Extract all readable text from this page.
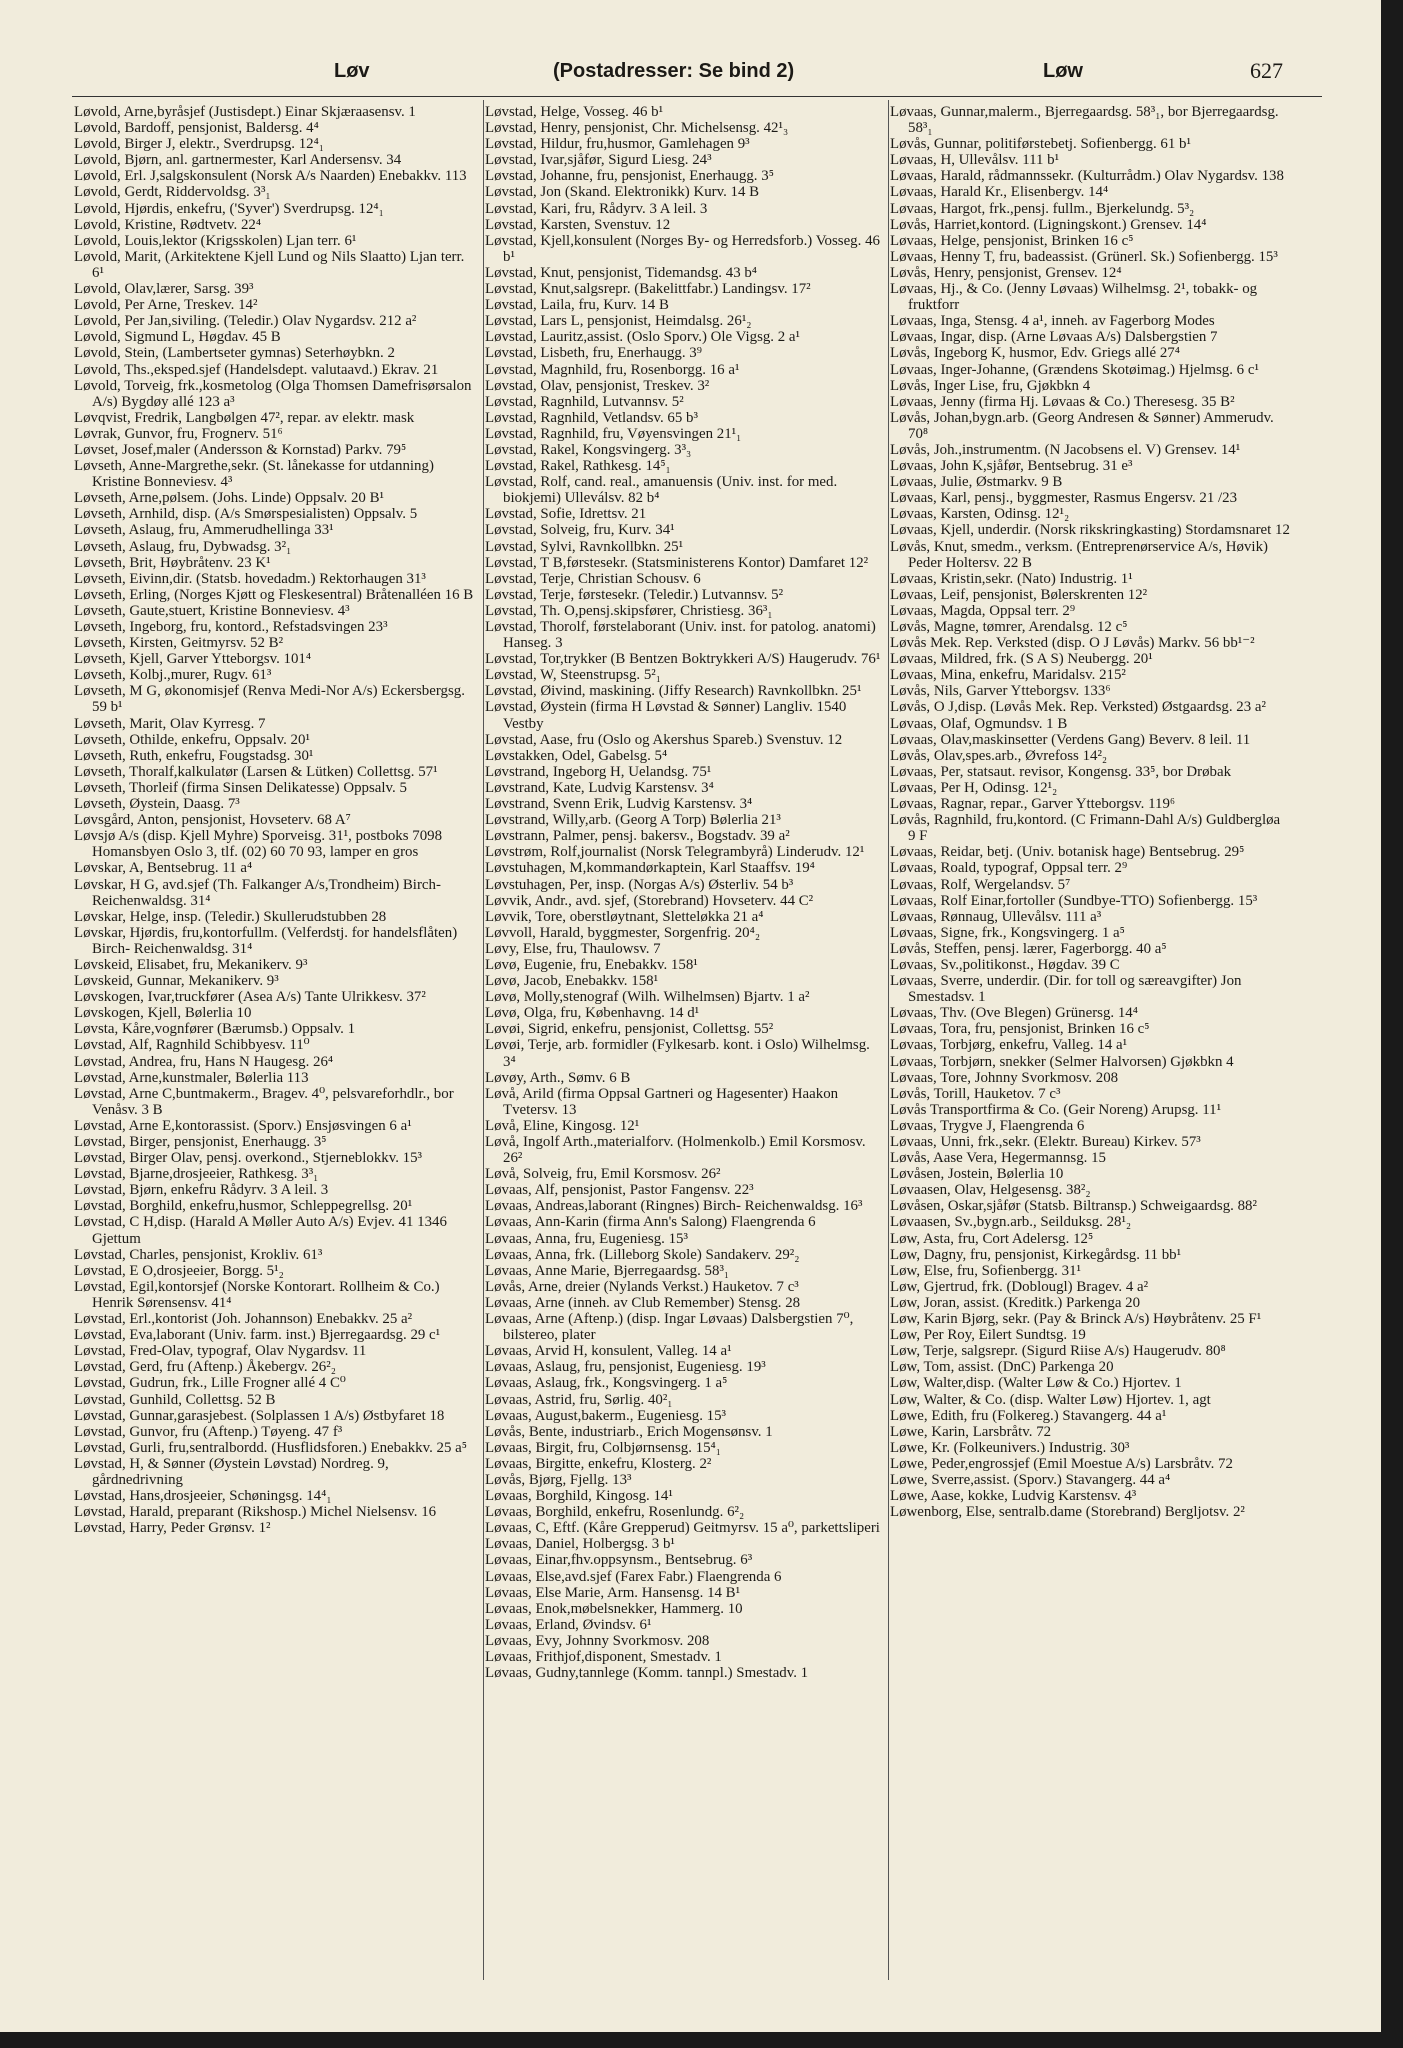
Løv	(Postadresser: Se bind 2)	Løw	627

Løvold, Arne,byråsjef (Justisdept.) Einar Skjæraasensv. 1

Løvold, Bardoff, pensjonist, Baldersg. 4⁴

Løvold, Birger J, elektr., Sverdrupsg. 12⁴₁

Løvold, Bjørn, anl. gartnermester, Karl Andersensv. 34

Løvold, Erl. J,salgskonsulent (Norsk A/s Naarden) Enebakkv. 113

Løvold, Gerdt, Riddervoldsg. 3³₁

Løvold, Hjørdis, enkefru, ('Syver') Sverdrupsg. 12⁴₁

Løvold, Kristine, Rødtvetv. 22⁴

Løvold, Louis,lektor (Krigsskolen) Ljan terr. 6¹

Løvold, Marit, (Arkitektene Kjell Lund og Nils Slaatto) Ljan terr. 6¹

Løvold, Olav,lærer, Sarsg. 39³

Løvold, Per Arne, Treskev. 14²

Løvold, Per Jan,siviling. (Teledir.) Olav Nygardsv. 212 a²

Løvold, Sigmund L, Høgdav. 45 B

Løvold, Stein, (Lambertseter gymnas) Seterhøybkn. 2

Løvold, Ths.,eksped.sjef (Handelsdept. valutaavd.) Ekrav. 21

Løvold, Torveig, frk.,kosmetolog (Olga Thomsen Damefrisørsalon A/s) Bygdøy allé 123 a³

Løvqvist, Fredrik, Langbølgen 47², repar. av elektr. mask

Løvrak, Gunvor, fru, Frognerv. 51⁶

Løvset, Josef,maler (Andersson & Kornstad) Parkv. 79⁵

Løvseth, Anne-Margrethe,sekr. (St. lånekasse for utdanning) Kristine Bonneviesv. 4³

Løvseth, Arne,pølsem. (Johs. Linde) Oppsalv. 20 B¹

Løvseth, Arnhild, disp. (A/s Smørspesialisten) Oppsalv. 5

Løvseth, Aslaug, fru, Ammerudhellinga 33¹

Løvseth, Aslaug, fru, Dybwadsg. 3²₁

Løvseth, Brit, Høybråtenv. 23 K¹

Løvseth, Eivinn,dir. (Statsb. hovedadm.) Rektorhaugen 31³

Løvseth, Erling, (Norges Kjøtt og Fleskesentral) Bråtenalléen 16 B

Løvseth, Gaute,stuert, Kristine Bonneviesv. 4³

Løvseth, Ingeborg, fru, kontord., Refstadsvingen 23³

Løvseth, Kirsten, Geitmyrsv. 52 B²

Løvseth, Kjell, Garver Ytteborgsv. 101⁴

Løvseth, Kolbj.,murer, Rugv. 61³

Løvseth, M G, økonomisjef (Renva Medi-Nor A/s) Eckersbergsg. 59 b¹

Løvseth, Marit, Olav Kyrresg. 7

Løvseth, Othilde, enkefru, Oppsalv. 20¹

Løvseth, Ruth, enkefru, Fougstadsg. 30¹

Løvseth, Thoralf,kalkulatør (Larsen & Lütken) Collettsg. 57¹

Løvseth, Thorleif (firma Sinsen Delikatesse) Oppsalv. 5

Løvseth, Øystein, Daasg. 7³

Løvsgård, Anton, pensjonist, Hovseterv. 68 A⁷

Løvsjø A/s (disp. Kjell Myhre) Sporveisg. 31¹, postboks 7098 Homansbyen Oslo 3, tlf. (02) 60 70 93, lamper en gros

Løvskar, A, Bentsebrug. 11 a⁴

Løvskar, H G, avd.sjef (Th. Falkanger A/s,Trondheim) Birch- Reichenwaldsg. 31⁴

Løvskar, Helge, insp. (Teledir.) Skullerudstubben 28

Løvskar, Hjørdis, fru,kontorfullm. (Velferdstj. for handelsflåten) Birch- Reichenwaldsg. 31⁴

Løvskeid, Elisabet, fru, Mekanikerv. 9³

Løvskeid, Gunnar, Mekanikerv. 9³

Løvskogen, Ivar,truckfører (Asea A/s) Tante Ulrikkesv. 37²

Løvskogen, Kjell, Bølerlia 10

Løvsta, Kåre,vognfører (Bærumsb.) Oppsalv. 1

Løvstad, Alf, Ragnhild Schibbyesv. 11⁰

Løvstad, Andrea, fru, Hans N Haugesg. 26⁴

Løvstad, Arne,kunstmaler, Bølerlia 113

Løvstad, Arne C,buntmakerm., Bragev. 4⁰, pelsvareforhdlr., bor Venåsv. 3 B

Løvstad, Arne E,kontorassist. (Sporv.) Ensjøsvingen 6 a¹

Løvstad, Birger, pensjonist, Enerhaugg. 3⁵

Løvstad, Birger Olav, pensj. overkond., Stjerneblokkv. 15³

Løvstad, Bjarne,drosjeeier, Rathkesg. 3³₁

Løvstad, Bjørn, enkefru Rådyrv. 3 A leil. 3

Løvstad, Borghild, enkefru,husmor, Schleppegrellsg. 20¹

Løvstad, C H,disp. (Harald A Møller Auto A/s) Evjev. 41 1346 Gjettum

Løvstad, Charles, pensjonist, Krokliv. 61³

Løvstad, E O,drosjeeier, Borgg. 5¹₂

Løvstad, Egil,kontorsjef (Norske Kontorart. Rollheim & Co.) Henrik Sørensensv. 41⁴

Løvstad, Erl.,kontorist (Joh. Johannson) Enebakkv. 25 a²

Løvstad, Eva,laborant (Univ. farm. inst.) Bjerregaardsg. 29 c¹

Løvstad, Fred-Olav, typograf, Olav Nygardsv. 11

Løvstad, Gerd, fru (Aftenp.) Åkebergv. 26²₂

Løvstad, Gudrun, frk., Lille Frogner allé 4 C⁰

Løvstad, Gunhild, Collettsg. 52 B

Løvstad, Gunnar,garasjebest. (Solplassen 1 A/s) Østbyfaret 18

Løvstad, Gunvor, fru (Aftenp.) Tøyeng. 47 f³

Løvstad, Gurli, fru,sentralbordd. (Husflidsforen.) Enebakkv. 25 a⁵

Løvstad, H, & Sønner (Øystein Løvstad) Nordreg. 9, gårdnedrivning

Løvstad, Hans,drosjeeier, Schøningsg. 14⁴₁

Løvstad, Harald, preparant (Rikshosp.) Michel Nielsensv. 16

Løvstad, Harry, Peder Grønsv. 1²

Løvstad, Helge, Vosseg. 46 b¹

Løvstad, Henry, pensjonist, Chr. Michelsensg. 42¹₃

Løvstad, Hildur, fru,husmor, Gamlehagen 9³

Løvstad, Ivar,sjåfør, Sigurd Liesg. 24³

Løvstad, Johanne, fru, pensjonist, Enerhaugg. 3⁵

Løvstad, Jon (Skand. Elektronikk) Kurv. 14 B

Løvstad, Kari, fru, Rådyrv. 3 A leil. 3

Løvstad, Karsten, Svenstuv. 12

Løvstad, Kjell,konsulent (Norges By- og Herredsforb.) Vosseg. 46 b¹

Løvstad, Knut, pensjonist, Tidemandsg. 43 b⁴

Løvstad, Knut,salgsrepr. (Bakelittfabr.) Landingsv. 17²

Løvstad, Laila, fru, Kurv. 14 B

Løvstad, Lars L, pensjonist, Heimdalsg. 26¹₂

Løvstad, Lauritz,assist. (Oslo Sporv.) Ole Vigsg. 2 a¹

Løvstad, Lisbeth, fru, Enerhaugg. 3⁹

Løvstad, Magnhild, fru, Rosenborgg. 16 a¹

Løvstad, Olav, pensjonist, Treskev. 3²

Løvstad, Ragnhild, Lutvannsv. 5²

Løvstad, Ragnhild, Vetlandsv. 65 b³

Løvstad, Ragnhild, fru, Vøyensvingen 21¹₁

Løvstad, Rakel, Kongsvingerg. 3³₃

Løvstad, Rakel, Rathkesg. 14⁵₁

Løvstad, Rolf, cand. real., amanuensis (Univ. inst. for med. biokjemi) Ulleválsv. 82 b⁴

Løvstad, Sofie, Idrettsv. 21

Løvstad, Solveig, fru, Kurv. 34¹

Løvstad, Sylvi, Ravnkollbkn. 25¹

Løvstad, T B,førstesekr. (Statsministerens Kontor) Damfaret 12²

Løvstad, Terje, Christian Schousv. 6

Løvstad, Terje, førstesekr. (Teledir.) Lutvannsv. 5²

Løvstad, Th. O,pensj.skipsfører, Christiesg. 36³₁

Løvstad, Thorolf, førstelaborant (Univ. inst. for patolog. anatomi) Hanseg. 3

Løvstad, Tor,trykker (B Bentzen Boktrykkeri A/S) Haugerudv. 76¹

Løvstad, W, Steenstrupsg. 5²₁

Løvstad, Øivind, maskining. (Jiffy Research) Ravnkollbkn. 25¹

Løvstad, Øystein (firma H Løvstad & Sønner) Langliv. 1540 Vestby

Løvstad, Aase, fru (Oslo og Akershus Spareb.) Svenstuv. 12

Løvstakken, Odel, Gabelsg. 5⁴

Løvstrand, Ingeborg H, Uelandsg. 75¹

Løvstrand, Kate, Ludvig Karstensv. 3⁴

Løvstrand, Svenn Erik, Ludvig Karstensv. 3⁴

Løvstrand, Willy,arb. (Georg A Torp) Bølerlia 21³

Løvstrann, Palmer, pensj. bakersv., Bogstadv. 39 a²

Løvstrøm, Rolf,journalist (Norsk Telegrambyrå) Linderudv. 12¹

Løvstuhagen, M,kommandørkaptein, Karl Staaffsv. 19⁴

Løvstuhagen, Per, insp. (Norgas A/s) Østerliv. 54 b³

Løvvik, Andr., avd. sjef, (Storebrand) Hovseterv. 44 C²

Løvvik, Tore, oberstløytnant, Sletteløkka 21 a⁴

Løvvoll, Harald, byggmester, Sorgenfrig. 20⁴₂

Løvy, Else, fru, Thaulowsv. 7

Løvø, Eugenie, fru, Enebakkv. 158¹

Løvø, Jacob, Enebakkv. 158¹

Løvø, Molly,stenograf (Wilh. Wilhelmsen) Bjartv. 1 a²

Løvø, Olga, fru, Københavng. 14 d¹

Løvøi, Sigrid, enkefru, pensjonist, Collettsg. 55²

Løvøi, Terje, arb. formidler (Fylkesarb. kont. i Oslo) Wilhelmsg. 3⁴

Løvøy, Arth., Sømv. 6 B

Løvå, Arild (firma Oppsal Gartneri og Hagesenter) Haakon Tvetersv. 13

Løvå, Eline, Kingosg. 12¹

Løvå, Ingolf Arth.,materialforv. (Holmenkolb.) Emil Korsmosv. 26²

Løvå, Solveig, fru, Emil Korsmosv. 26²

Løvaas, Alf, pensjonist, Pastor Fangensv. 22³

Løvaas, Andreas,laborant (Ringnes) Birch- Reichenwaldsg. 16³

Løvaas, Ann-Karin (firma Ann's Salong) Flaengrenda 6

Løvaas, Anna, fru, Eugeniesg. 15³

Løvaas, Anna, frk. (Lilleborg Skole) Sandakerv. 29²₂

Løvaas, Anne Marie, Bjerregaardsg. 58³₁

Løvås, Arne, dreier (Nylands Verkst.) Hauketov. 7 c³

Løvaas, Arne (inneh. av Club Remember) Stensg. 28

Løvaas, Arne (Aftenp.) (disp. Ingar Løvaas) Dalsbergstien 7⁰, bilstereo, plater

Løvaas, Arvid H, konsulent, Valleg. 14 a¹

Løvaas, Aslaug, fru, pensjonist, Eugeniesg. 19³

Løvaas, Aslaug, frk., Kongsvingerg. 1 a⁵

Løvaas, Astrid, fru, Sørlig. 40²₁

Løvaas, August,bakerm., Eugeniesg. 15³

Løvås, Bente, industriarb., Erich Mogensønsv. 1

Løvaas, Birgit, fru, Colbjørnsensg. 15⁴₁

Løvaas, Birgitte, enkefru, Klosterg. 2²

Løvås, Bjørg, Fjellg. 13³

Løvaas, Borghild, Kingosg. 14¹

Løvaas, Borghild, enkefru, Rosenlundg. 6²₂

Løvaas, C, Eftf. (Kåre Grepperud) Geitmyrsv. 15 a⁰, parkettsliperi

Løvaas, Daniel, Holbergsg. 3 b¹

Løvaas, Einar,fhv.oppsynsm., Bentsebrug. 6³

Løvaas, Else,avd.sjef (Farex Fabr.) Flaengrenda 6

Løvaas, Else Marie, Arm. Hansensg. 14 B¹

Løvaas, Enok,møbelsnekker, Hammerg. 10

Løvaas, Erland, Øvindsv. 6¹

Løvaas, Evy, Johnny Svorkmosv. 208

Løvaas, Frithjof,disponent, Smestadv. 1

Løvaas, Gudny,tannlege (Komm. tannpl.) Smestadv. 1

Løvaas, Gunnar,malerm., Bjerregaardsg. 58³₁, bor Bjerregaardsg. 58³₁

Løvås, Gunnar, politiførstebetj. Sofienbergg. 61 b¹

Løvaas, H, Ullevålsv. 111 b¹

Løvaas, Harald, rådmannssekr. (Kulturrådm.) Olav Nygardsv. 138

Løvaas, Harald Kr., Elisenbergv. 14⁴

Løvaas, Hargot, frk.,pensj. fullm., Bjerkelundg. 5³₂

Løvås, Harriet,kontord. (Ligningskont.) Grensev. 14⁴

Løvaas, Helge, pensjonist, Brinken 16 c⁵

Løvaas, Henny T, fru, badeassist. (Grünerl. Sk.) Sofienbergg. 15³

Løvås, Henry, pensjonist, Grensev. 12⁴

Løvaas, Hj., & Co. (Jenny Løvaas) Wilhelmsg. 2¹, tobakk- og fruktforr

Løvaas, Inga, Stensg. 4 a¹, inneh. av Fagerborg Modes

Løvaas, Ingar, disp. (Arne Løvaas A/s) Dalsbergstien 7

Løvås, Ingeborg K, husmor, Edv. Griegs allé 27⁴

Løvaas, Inger-Johanne, (Grændens Skotøimag.) Hjelmsg. 6 c¹

Løvås, Inger Lise, fru, Gjøkbkn 4

Løvaas, Jenny (firma Hj. Løvaas & Co.) Theresesg. 35 B²

Løvås, Johan,bygn.arb. (Georg Andresen & Sønner) Ammerudv. 70⁸

Løvås, Joh.,instrumentm. (N Jacobsens el. V) Grensev. 14¹

Løvaas, John K,sjåfør, Bentsebrug. 31 e³

Løvaas, Julie, Østmarkv. 9 B

Løvaas, Karl, pensj., byggmester, Rasmus Engersv. 21 /23

Løvaas, Karsten, Odinsg. 12¹₂

Løvaas, Kjell, underdir. (Norsk rikskringkasting) Stordamsnaret 12

Løvås, Knut, smedm., verksm. (Entreprenørservice A/s, Høvik) Peder Holtersv. 22 B

Løvaas, Kristin,sekr. (Nato) Industrig. 1¹

Løvaas, Leif, pensjonist, Bølerskrenten 12²

Løvaas, Magda, Oppsal terr. 2⁹

Løvås, Magne, tømrer, Arendalsg. 12 c⁵

Løvås Mek. Rep. Verksted (disp. O J Løvås) Markv. 56 bb¹⁻²

Løvaas, Mildred, frk. (S A S) Neubergg. 20¹

Løvaas, Mina, enkefru, Maridalsv. 215²

Løvås, Nils, Garver Ytteborgsv. 133⁶

Løvås, O J,disp. (Løvås Mek. Rep. Verksted) Østgaardsg. 23 a²

Løvaas, Olaf, Ogmundsv. 1 B

Løvaas, Olav,maskinsetter (Verdens Gang) Beverv. 8 leil. 11

Løvås, Olav,spes.arb., Øvrefoss 14²₂

Løvaas, Per, statsaut. revisor, Kongensg. 33⁵, bor Drøbak

Løvaas, Per H, Odinsg. 12¹₂

Løvaas, Ragnar, repar., Garver Ytteborgsv. 119⁶

Løvås, Ragnhild, fru,kontord. (C Frimann-Dahl A/s) Guldbergløa 9 F

Løvaas, Reidar, betj. (Univ. botanisk hage) Bentsebrug. 29⁵

Løvaas, Roald, typograf, Oppsal terr. 2⁹

Løvaas, Rolf, Wergelandsv. 5⁷

Løvaas, Rolf Einar,fortoller (Sundbye-TTO) Sofienbergg. 15³

Løvaas, Rønnaug, Ullevålsv. 111 a³

Løvaas, Signe, frk., Kongsvingerg. 1 a⁵

Løvås, Steffen, pensj. lærer, Fagerborgg. 40 a⁵

Løvaas, Sv.,politikonst., Høgdav. 39 C

Løvaas, Sverre, underdir. (Dir. for toll og særeavgifter) Jon Smestadsv. 1

Løvaas, Thv. (Ove Blegen) Grünersg. 14⁴

Løvaas, Tora, fru, pensjonist, Brinken 16 c⁵

Løvaas, Torbjørg, enkefru, Valleg. 14 a¹

Løvaas, Torbjørn, snekker (Selmer Halvorsen) Gjøkbkn 4

Løvaas, Tore, Johnny Svorkmosv. 208

Løvås, Torill, Hauketov. 7 c³

Løvås Transportfirma & Co. (Geir Noreng) Arupsg. 11¹

Løvaas, Trygve J, Flaengrenda 6

Løvaas, Unni, frk.,sekr. (Elektr. Bureau) Kirkev. 57³

Løvås, Aase Vera, Hegermannsg. 15

Løvåsen, Jostein, Bølerlia 10

Løvaasen, Olav, Helgesensg. 38²₂

Løvåsen, Oskar,sjåfør (Statsb. Biltransp.) Schweigaardsg. 88²

Løvaasen, Sv.,bygn.arb., Seilduksg. 28¹₂

Løw, Asta, fru, Cort Adelersg. 12⁵

Løw, Dagny, fru, pensjonist, Kirkegårdsg. 11 bb¹

Løw, Else, fru, Sofienbergg. 31¹

Løw, Gjertrud, frk. (Doblougl) Bragev. 4 a²

Løw, Joran, assist. (Kreditk.) Parkenga 20

Løw, Karin Bjørg, sekr. (Pay & Brinck A/s) Høybråtenv. 25 F¹

Løw, Per Roy, Eilert Sundtsg. 19

Løw, Terje, salgsrepr. (Sigurd Riise A/s) Haugerudv. 80⁸

Løw, Tom, assist. (DnC) Parkenga 20

Løw, Walter,disp. (Walter Løw & Co.) Hjortev. 1

Løw, Walter, & Co. (disp. Walter Løw) Hjortev. 1, agt

Løwe, Edith, fru (Folkereg.) Stavangerg. 44 a¹

Løwe, Karin, Larsbråtv. 72

Løwe, Kr. (Folkeunivers.) Industrig. 30³

Løwe, Peder,engrossjef (Emil Moestue A/s) Larsbråtv. 72

Løwe, Sverre,assist. (Sporv.) Stavangerg. 44 a⁴

Løwe, Aase, kokke, Ludvig Karstensv. 4³

Løwenborg, Else, sentralb.dame (Storebrand) Bergljotsv. 2²
